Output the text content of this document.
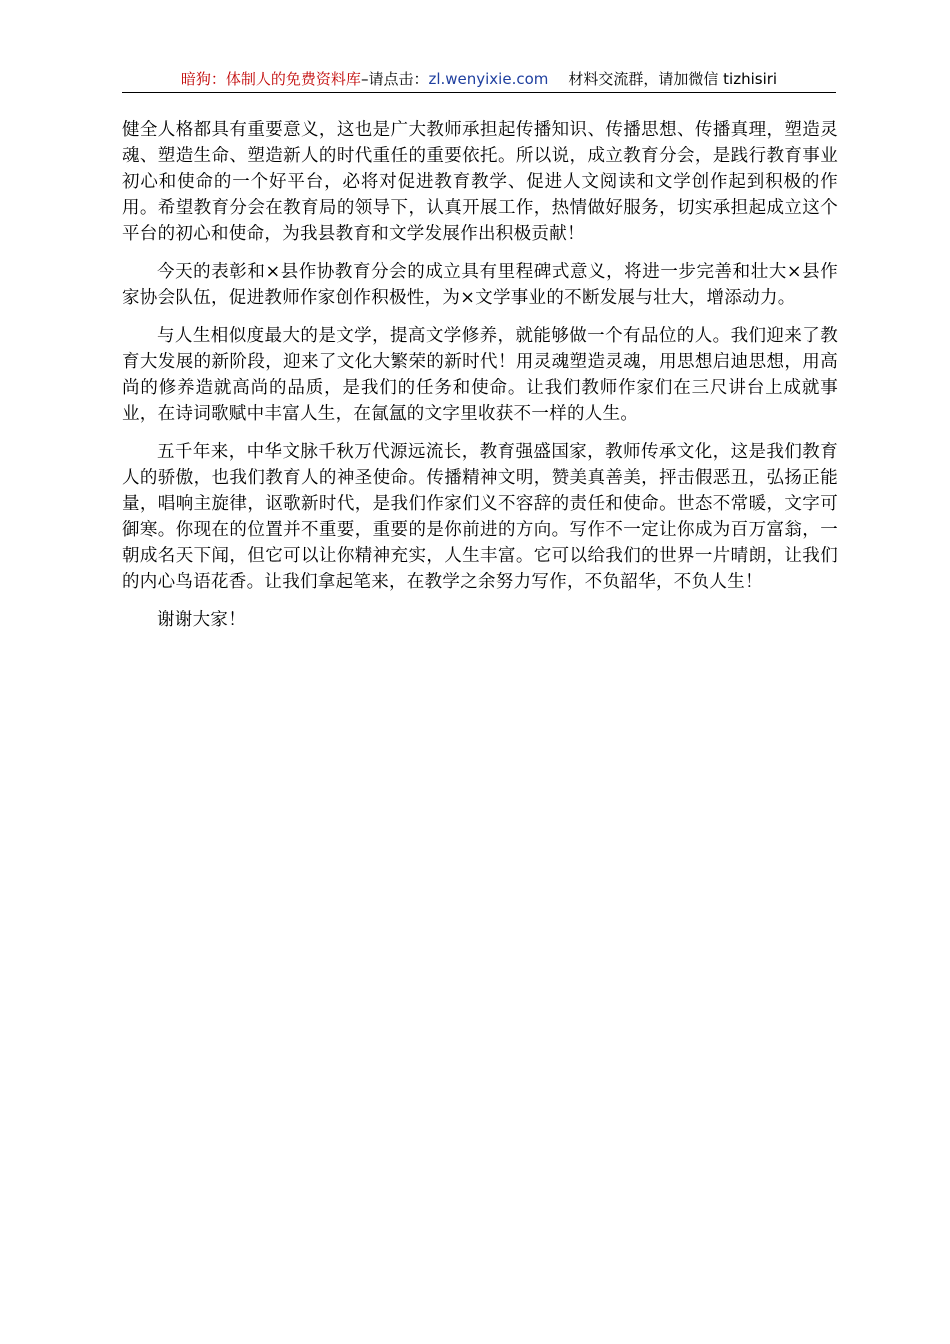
暗狗：体制人的免费资料库–请点击：zl.wenyixie.com 材料交流群，请加微信 tizhisiri

健全人格都具有重要意义，这也是广大教师承担起传播知识、传播思想、传播真理，塑造灵魂、塑造生命、塑造新人的时代重任的重要依托。所以说，成立教育分会，是践行教育事业初心和使命的一个好平台，必将对促进教育教学、促进人文阅读和文学创作起到积极的作用。希望教育分会在教育局的领导下，认真开展工作，热情做好服务，切实承担起成立这个平台的初心和使命，为我县教育和文学发展作出积极贡献！

今天的表彰和×县作协教育分会的成立具有里程碑式意义，将进一步完善和壮大×县作家协会队伍，促进教师作家创作积极性，为×文学事业的不断发展与壮大，增添动力。

与人生相似度最大的是文学，提高文学修养，就能够做一个有品位的人。我们迎来了教育大发展的新阶段，迎来了文化大繁荣的新时代！用灵魂塑造灵魂，用思想启迪思想，用高尚的修养造就高尚的品质，是我们的任务和使命。让我们教师作家们在三尺讲台上成就事业，在诗词歌赋中丰富人生，在氤氲的文字里收获不一样的人生。

五千年来，中华文脉千秋万代源远流长，教育强盛国家，教师传承文化，这是我们教育人的骄傲，也我们教育人的神圣使命。传播精神文明，赞美真善美，抨击假恶丑，弘扬正能量，唱响主旋律，讴歌新时代，是我们作家们义不容辞的责任和使命。世态不常暖，文字可御寒。你现在的位置并不重要，重要的是你前进的方向。写作不一定让你成为百万富翁，一朝成名天下闻，但它可以让你精神充实，人生丰富。它可以给我们的世界一片晴朗，让我们的内心鸟语花香。让我们拿起笔来，在教学之余努力写作，不负韶华，不负人生！

谢谢大家！
